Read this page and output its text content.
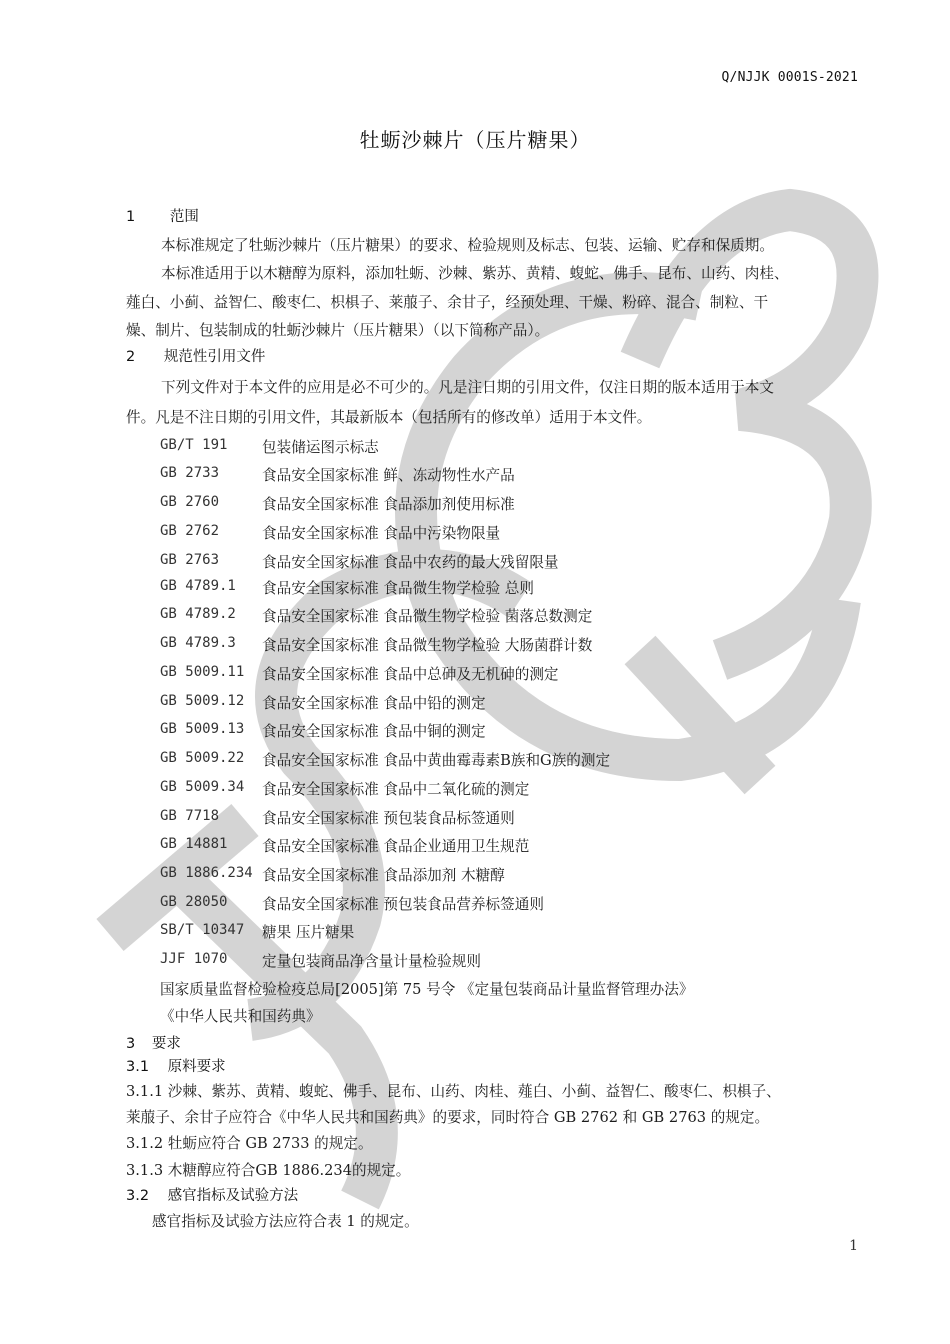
Q/NJJK 0001S-2021
牡蛎沙棘片（压片糖果）
1 范围
本标准规定了牡蛎沙棘片（压片糖果）的要求、检验规则及标志、包装、运输、贮存和保质期。
本标准适用于以木糖醇为原料，添加牡蛎、沙棘、紫苏、黄精、蝮蛇、佛手、昆布、山药、肉桂、
薤白、小蓟、益智仁、酸枣仁、枳椇子、莱菔子、余甘子，经预处理、干燥、粉碎、混合、制粒、干
燥、制片、包装制成的牡蛎沙棘片（压片糖果）（以下简称产品）。
2 规范性引用文件
下列文件对于本文件的应用是必不可少的。凡是注日期的引用文件，仅注日期的版本适用于本文
件。凡是不注日期的引用文件，其最新版本（包括所有的修改单）适用于本文件。
GB/T 191 包装储运图示标志
GB 2733	食品安全国家标准 鲜、冻动物性水产品
GB 2760	食品安全国家标准 食品添加剂使用标准
GB 2762	食品安全国家标准 食品中污染物限量
GB 2763	食品安全国家标准 食品中农药的最大残留限量
GB 4789.1 食品安全国家标准 食品微生物学检验 总则
GB 4789.2 食品安全国家标准 食品微生物学检验 菌落总数测定
GB 4789.3 食品安全国家标准 食品微生物学检验 大肠菌群计数
GB 5009.11 食品安全国家标准 食品中总砷及无机砷的测定
GB 5009.12 食品安全国家标准 食品中铅的测定
GB 5009.13 食品安全国家标准 食品中铜的测定
GB 5009.22 食品安全国家标准 食品中黄曲霉毒素B族和G族的测定
GB 5009.34 食品安全国家标准 食品中二氧化硫的测定
GB 7718	食品安全国家标准 预包装食品标签通则
GB 14881 食品安全国家标准 食品企业通用卫生规范
GB 1886.234 食品安全国家标准 食品添加剂 木糖醇
GB 28050 食品安全国家标准 预包装食品营养标签通则
SB/T 10347 糖果 压片糖果
JJF 1070 定量包装商品净含量计量检验规则
国家质量监督检验检疫总局[2005]第 75 号令 《定量包装商品计量监督管理办法》
《中华人民共和国药典》
3 要求
3.1 原料要求
3.1.1 沙棘、紫苏、黄精、蝮蛇、佛手、昆布、山药、肉桂、薤白、小蓟、益智仁、酸枣仁、枳椇子、
莱菔子、余甘子应符合《中华人民共和国药典》的要求，同时符合 GB 2762 和 GB 2763 的规定。
3.1.2 牡蛎应符合 GB 2733 的规定。
3.1.3 木糖醇应符合GB 1886.234的规定。
3.2 感官指标及试验方法
感官指标及试验方法应符合表 1 的规定。
1
